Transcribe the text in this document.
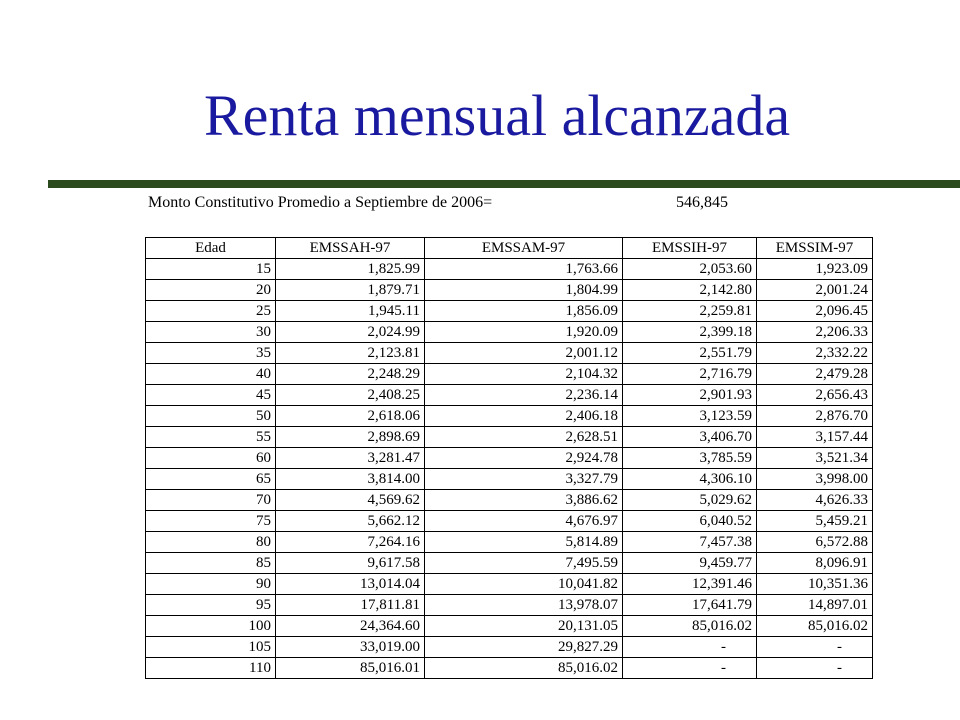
Renta mensual alcanzada
Monto Constitutivo Promedio a Septiembre de 2006=	546,845
Edad	EMSSAH-97	EMSSAM-97	EMSSIH-97	EMSSIM-97
15	1,825.99	1,763.66	2,053.60	1,923.09
20	1,879.71	1,804.99	2,142.80	2,001.24
25	1,945.11	1,856.09	2,259.81	2,096.45
30	2,024.99	1,920.09	2,399.18	2,206.33
35	2,123.81	2,001.12	2,551.79	2,332.22
40	2,248.29	2,104.32	2,716.79	2,479.28
45	2,408.25	2,236.14	2,901.93	2,656.43
50	2,618.06	2,406.18	3,123.59	2,876.70
55	2,898.69	2,628.51	3,406.70	3,157.44
60	3,281.47	2,924.78	3,785.59	3,521.34
65	3,814.00	3,327.79	4,306.10	3,998.00
70	4,569.62	3,886.62	5,029.62	4,626.33
75	5,662.12	4,676.97	6,040.52	5,459.21
80	7,264.16	5,814.89	7,457.38	6,572.88
85	9,617.58	7,495.59	9,459.77	8,096.91
90	13,014.04	10,041.82	12,391.46	10,351.36
95	17,811.81	13,978.07	17,641.79	14,897.01
100	24,364.60	20,131.05	85,016.02	85,016.02
105	33,019.00	29,827.29	-	-
110	85,016.01	85,016.02	-	-
